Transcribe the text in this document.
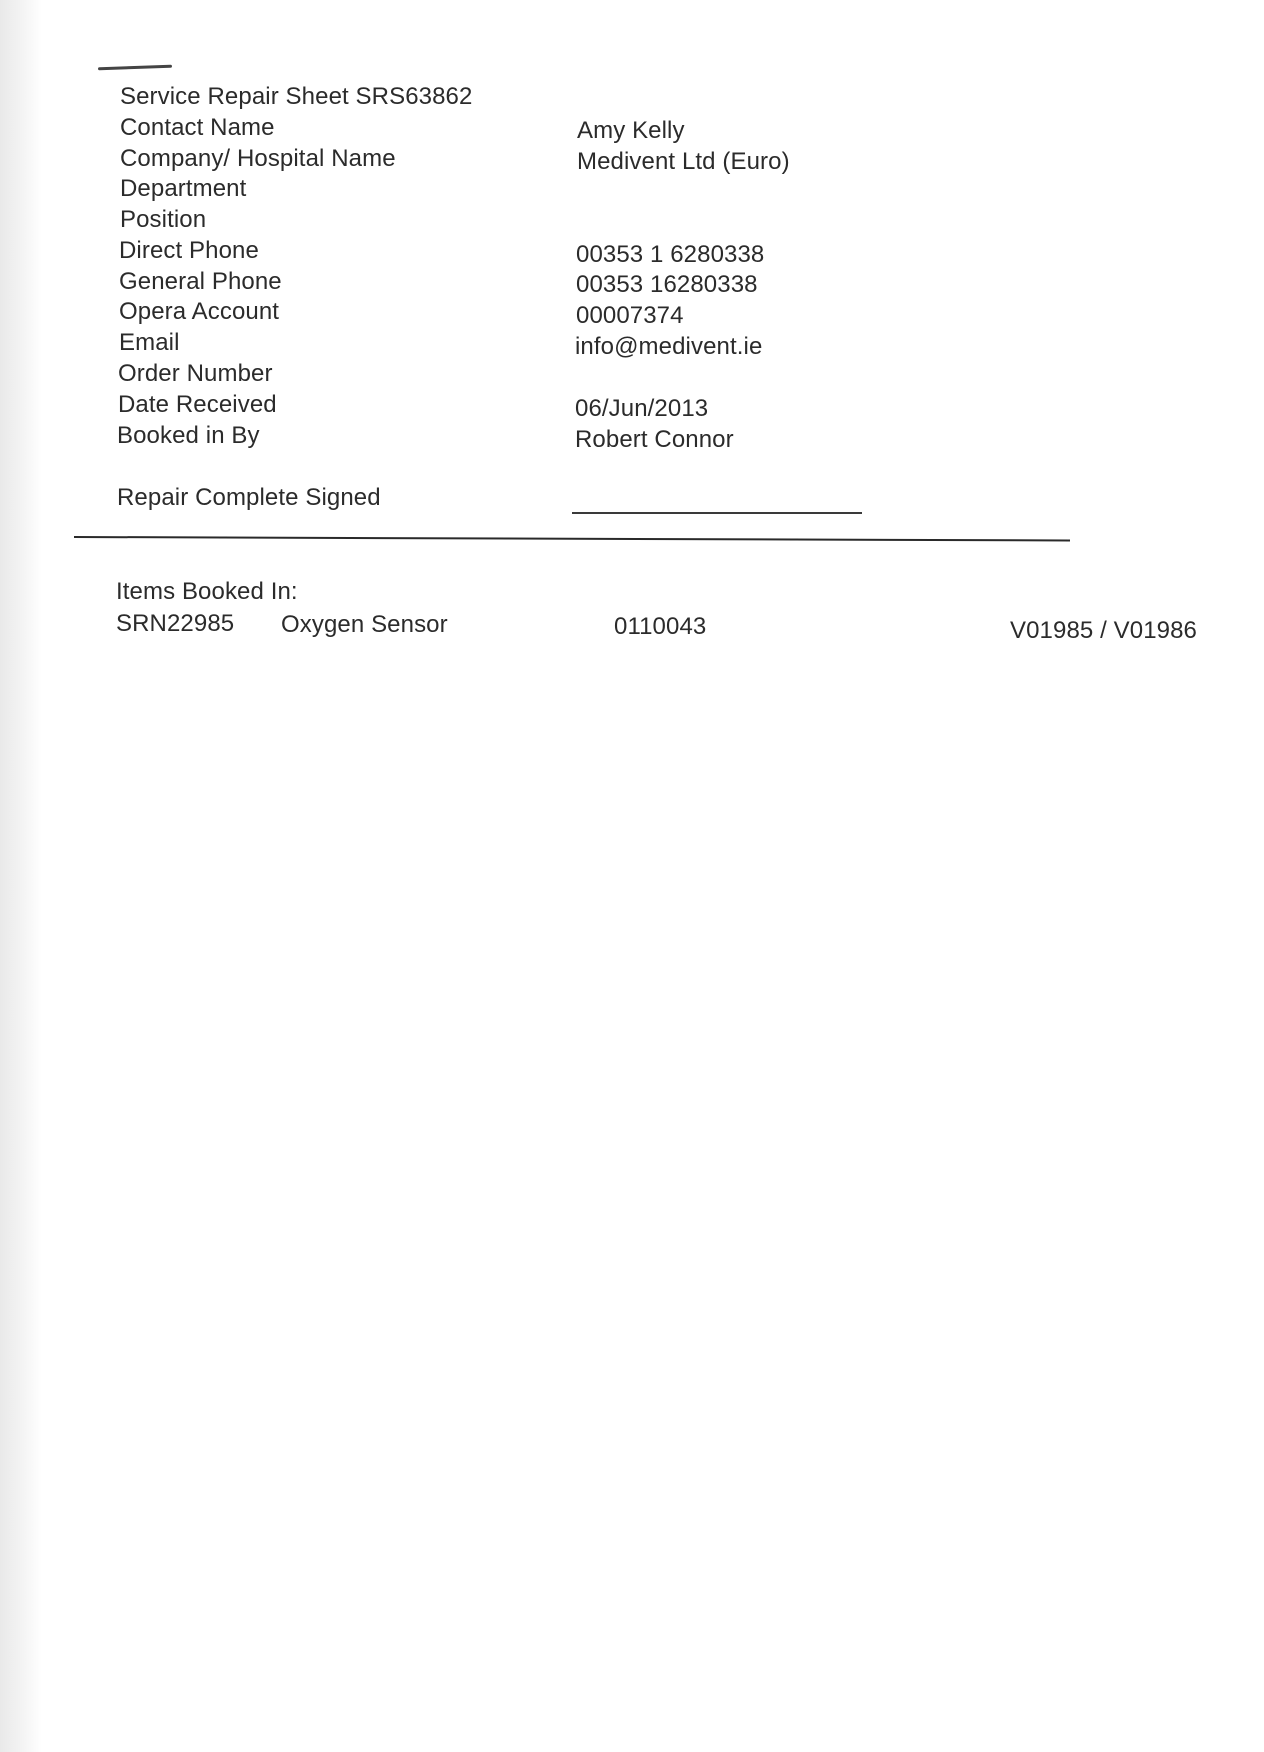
Service Repair Sheet SRS63862
Contact Name
Company/ Hospital Name
Department
Position
Direct Phone
General Phone
Opera Account
Email
Order Number
Date Received
Booked in By
Amy Kelly
Medivent Ltd (Euro)
00353 1 6280338
00353 16280338
00007374
info@medivent.ie
06/Jun/2013
Robert Connor
Repair Complete Signed
Items Booked In:
SRN22985 Oxygen Sensor	0110043	V01985 / V01986
